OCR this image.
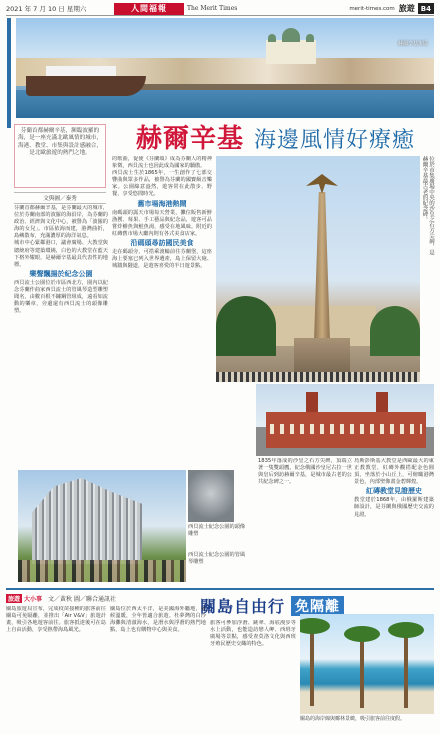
2021 年 7 月 10 日 星期六	人間福報	The Merit Times	merit-times.com 旅遊 B4
赫爾辛基市區
芬蘭首都赫爾辛基，瀕臨波羅的海，是一座充滿北歐風情的城市，海港、教堂、市集與設計感融合，是北歐旅遊的熱門之地。
文與圖／秦秀
赫爾辛基 海邊風情好療癒

芬蘭首都赫爾辛基，是芬蘭最大的城市，位於芬蘭南部的波羅的海沿岸，為芬蘭的政治、經濟與文化中心，被譽為「波羅的海的女兒」。市區依海而建，港灣曲折，島嶼散布，充滿濃厚的海洋氣息。

城市中心緊鄰港口，議會廣場、大教堂與總統府等建築環繞，白色的大教堂在藍天下格外耀眼，是赫爾辛基最具代表性的地標。

樂聲飄揚於紀念公園

西貝流士公園位於市區西北方，園內以紀念芬蘭作曲家西貝流士的管風琴造型雕塑聞名，由數百根不鏽鋼管組成，遠看如流動的樂章，旁邊還有西貝流士的頭像雕塑。

的歌曲，促使《芬蘭頌》成為芬蘭人的精神象徵，西貝流士也因此成為國家的驕傲。

西貝流士生於1865年，一生創作了七部交響曲與眾多作品，被譽為芬蘭的國寶級音樂家。公園綠意盎然，遊客常在此散步、野餐，享受悠閒時光。

舊市場海港熱鬧

南碼頭的露天市場每天營業，攤位販售新鮮漁獲、莓果、手工藝品與紀念品，遊客可品嘗炸鯡魚與鮭魚湯，感受在地風味。附近的紅磚舊市場大廳內則有各式美食店家。

沿碼頭尋訪國民美食

走在碼頭旁，可搭乘渡輪前往芬蘭堡，這座海上要塞已列入世界遺產，島上保留大砲、城牆與隧道，是遊客喜愛的半日遊景點。

位於市集廣場中央的沙皇之石方尖碑，是赫爾辛基最古老的紀念碑。

1835年落成的沙皇之石方尖碑，頂端立著一隻雙頭鷹，紀念俄國沙皇尼古拉一世與皇后到訪赫爾辛基，是城市最古老的公共紀念碑之一。

烏斯彭斯基大教堂是西歐最大的東正教教堂，紅磚外觀搭配金色圓頂，坐落於小山丘上，可俯瞰港灣景色，內部聖像畫金碧輝煌。

紅磚教堂見證歷史

教堂建於1868年，由俄羅斯建築師設計，是芬蘭與俄國歷史交流的見證。

西貝流士紀念公園的頭像雕塑
西貝流士紀念公園的管風琴雕塑
旅遊 大小事 文／黃秋 圖／聯合通訊社	關島自由行 免隔離

關島旅遊局宣布，完成疫苗接種的旅客前往關島可免隔離，並推出「Air V&V」旅遊計畫，吸引各地遊客前往。旅客抵達後可在島上自由活動，享受熱帶海島風光。

關島位於西太平洋，是美國海外屬地，氣候溫暖，全年皆適合旅遊。杜夢灣的白沙海灘與清澈海水，是潛水與浮潛的熱門地點，島上也有購物中心與美食。

旅客可參加浮潛、跳傘、海底漫步等水上活動，也能造訪戀人岬、西班牙廣場等景點，感受查莫洛文化與西班牙殖民歷史交織的特色。

關島的海岸線與椰林景緻，吸引旅客前往度假。
